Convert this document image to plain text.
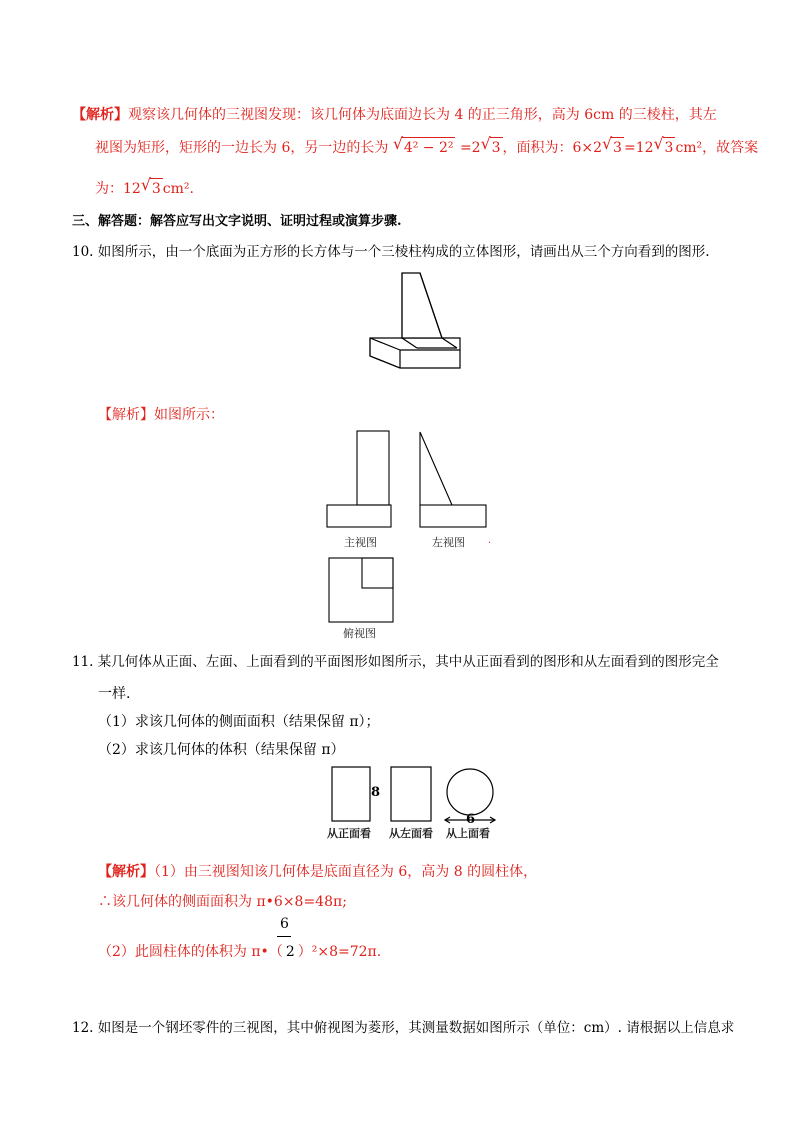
【解析】观察该几何体的三视图发现：该几何体为底面边长为 4 的正三角形，高为 6cm 的三棱柱，其左
视图为矩形，矩形的一边长为 6，另一边的长为 √ 4² − 2² =2 √ 3 ，面积为：6×2 √ 3 =12 √ 3 cm²，故答案
为：12 √ 3 cm².
三、解答题：解答应写出文字说明、证明过程或演算步骤.
10. 如图所示，由一个底面为正方形的长方体与一个三棱柱构成的立体图形，请画出从三个方向看到的图形.
【解析】如图所示：
主视图	左视图 ·
俯视图
11. 某几何体从正面、左面、上面看到的平面图形如图所示，其中从正面看到的图形和从左面看到的图形完全
一样.
（1）求该几何体的侧面面积（结果保留 π）；
（2）求该几何体的体积（结果保留 π）
8
6
从正面看 从左面看 从上面看
【解析】（1）由三视图知该几何体是底面直径为 6，高为 8 的圆柱体，
∴该几何体的侧面面积为 π•6×8=48π;
6
（2）此圆柱体的体积为 π•（ 2 ）²×8=72π.
12. 如图是一个钢坯零件的三视图，其中俯视图为菱形，其测量数据如图所示（单位：cm）. 请根据以上信息求
